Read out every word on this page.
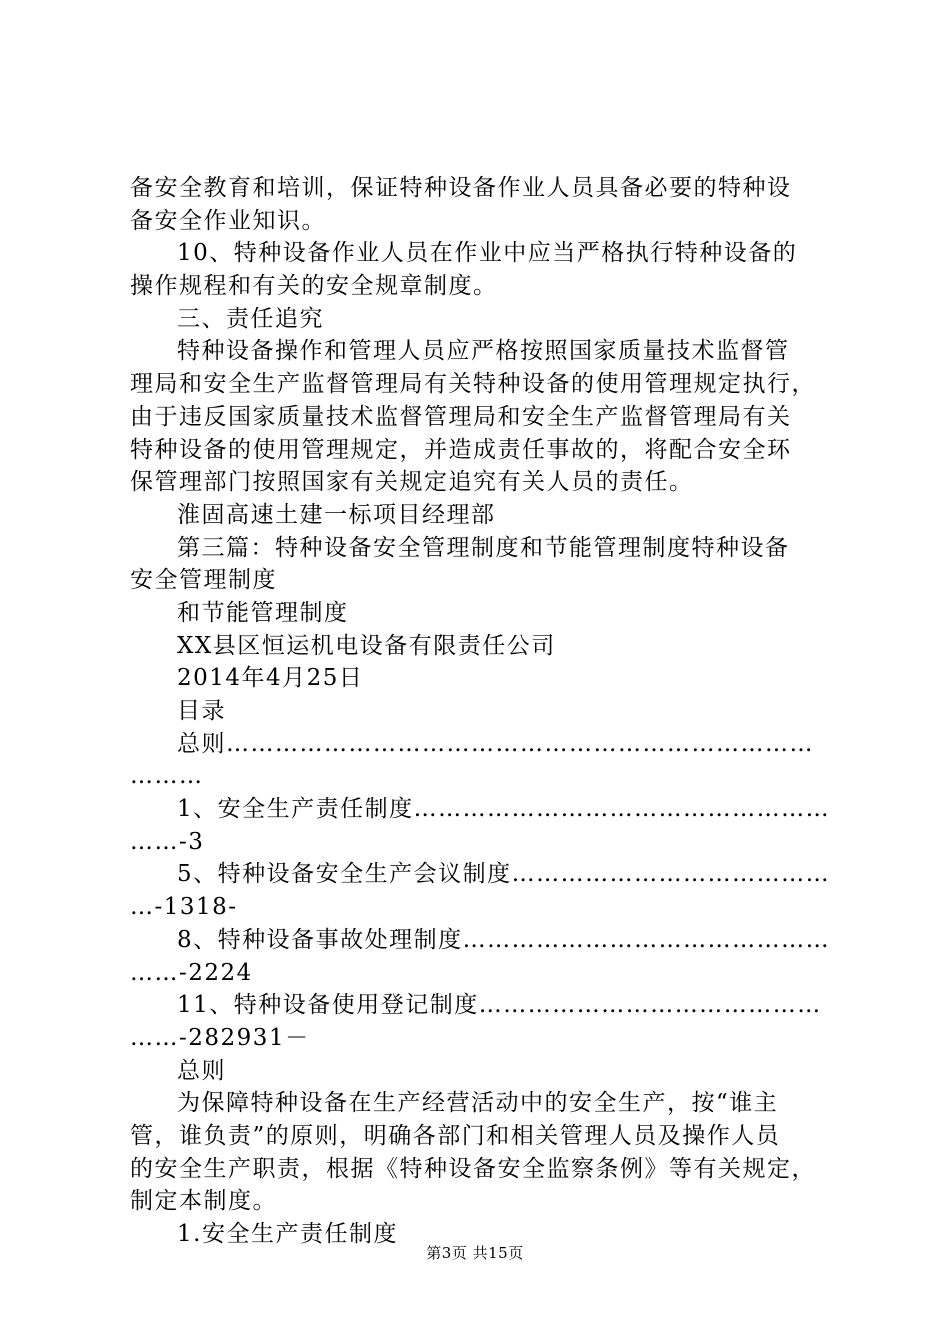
备安全教育和培训，保证特种设备作业人员具备必要的特种设
备安全作业知识。
10、特种设备作业人员在作业中应当严格执行特种设备的
操作规程和有关的安全规章制度。
三、责任追究
特种设备操作和管理人员应严格按照国家质量技术监督管
理局和安全生产监督管理局有关特种设备的使用管理规定执行，
由于违反国家质量技术监督管理局和安全生产监督管理局有关
特种设备的使用管理规定，并造成责任事故的，将配合安全环
保管理部门按照国家有关规定追究有关人员的责任。
淮固高速土建一标项目经理部
第三篇：特种设备安全管理制度和节能管理制度特种设备
安全管理制度
和节能管理制度
XX县区恒运机电设备有限责任公司
2014年4月25日
目录
总则………………………………………………………………
………
1、安全生产责任制度……………………………………………
……-3
5、特种设备安全生产会议制度…………………………………
…-1318-
8、特种设备事故处理制度………………………………………
……-2224
11、特种设备使用登记制度……………………………………
……-282931－
总则
为保障特种设备在生产经营活动中的安全生产，按“谁主
管，谁负责”的原则，明确各部门和相关管理人员及操作人员
的安全生产职责，根据《特种设备安全监察条例》等有关规定，
制定本制度。
1.安全生产责任制度
第3页 共15页
